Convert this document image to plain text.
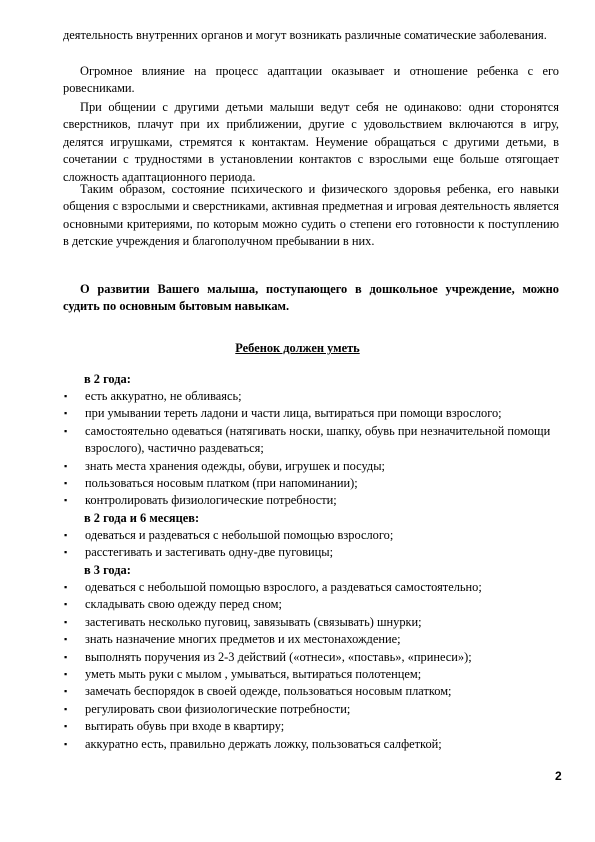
деятельность внутренних органов и могут возникать различные соматические заболевания.

Огромное влияние на процесс адаптации оказывает и отношение ребенка с его ровесниками.

При общении с другими детьми малыши ведут себя не одинаково: одни сторонятся сверстников, плачут при их приближении, другие с удовольствием включаются в игру, делятся игрушками, стремятся к контактам. Неумение обращаться с другими детьми, в сочетании с трудностями в установлении контактов с взрослыми еще больше отягощает сложность адаптационного периода.

Таким образом, состояние психического и физического здоровья ребенка, его навыки общения с взрослыми и сверстниками, активная предметная и игровая деятельность является основными критериями, по которым можно судить о степени его готовности к поступлению в детские учреждения и благополучном пребывании в них.

О развитии Вашего малыша, поступающего в дошкольное учреждение, можно судить по основным бытовым навыкам.

Ребенок должен уметь

в 2 года:

▪ есть аккуратно, не обливаясь;
▪ при умывании тереть ладони и части лица, вытираться при помощи взрослого;
▪ самостоятельно одеваться (натягивать носки, шапку, обувь при незначительной помощи взрослого), частично раздеваться;
▪ знать места хранения одежды, обуви, игрушек и посуды;
▪ пользоваться носовым платком (при напоминании);
▪ контролировать физиологические потребности;

в 2 года и 6 месяцев:

▪ одеваться и раздеваться с небольшой помощью взрослого;
▪ расстегивать и застегивать одну-две пуговицы;

в 3 года:

▪ одеваться с небольшой помощью взрослого, а раздеваться самостоятельно;
▪ складывать свою одежду перед сном;
▪ застегивать несколько пуговиц, завязывать (связывать) шнурки;
▪ знать назначение многих предметов и их местонахождение;
▪ выполнять поручения из 2-3 действий («отнеси», «поставь», «принеси»);
▪ уметь мыть руки с мылом , умываться, вытираться полотенцем;
▪ замечать беспорядок в своей одежде, пользоваться носовым платком;
▪ регулировать свои физиологические потребности;
▪ вытирать обувь при входе в квартиру;
▪ аккуратно есть, правильно держать ложку, пользоваться салфеткой;
2
